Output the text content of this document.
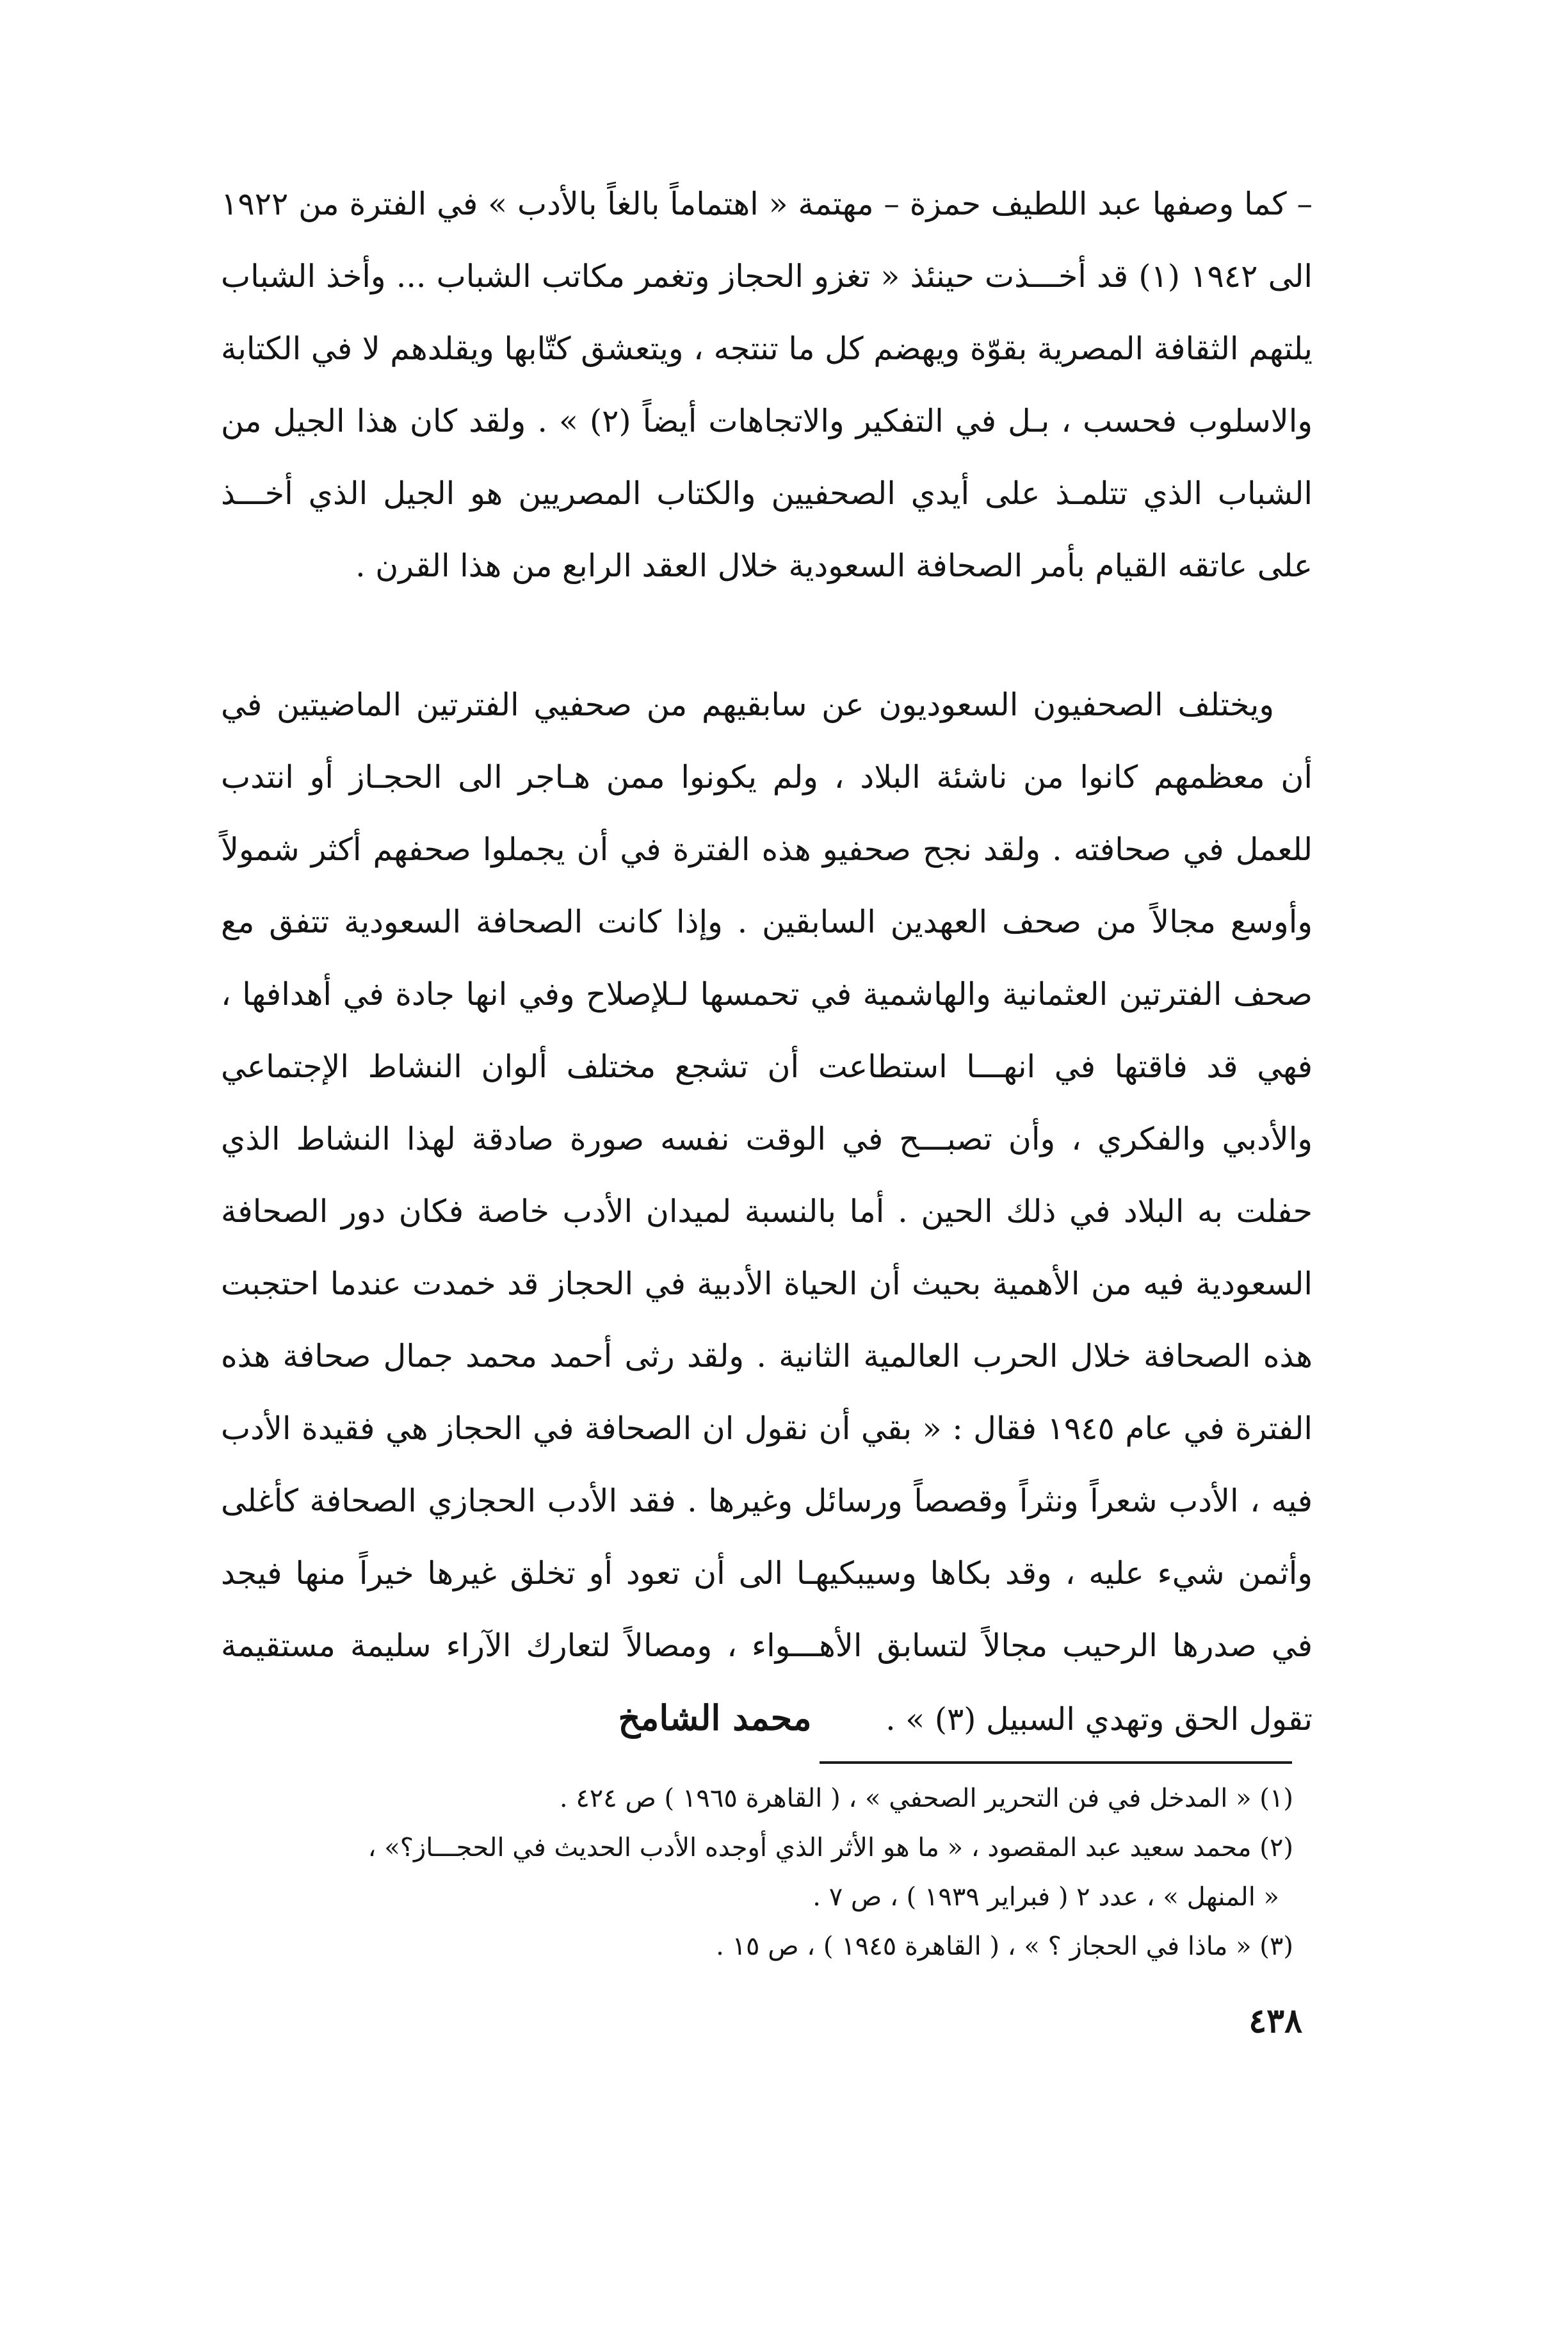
– كما وصفها عبد اللطيف حمزة – مهتمة « اهتماماً بالغاً بالأدب » في الفترة من ١٩٢٢ الى ١٩٤٢ (١) قد أخـــذت حينئذ « تغزو الحجاز وتغمر مكاتب الشباب ... وأخذ الشباب يلتهم الثقافة المصرية بقوّة ويهضم كل ما تنتجه ، ويتعشق كتّابها ويقلدهم لا في الكتابة والاسلوب فحسب ، بـل في التفكير والاتجاهات أيضاً (٢) » . ولقد كان هذا الجيل من الشباب الذي تتلمـذ على أيدي الصحفيين والكتاب المصريين هو الجيل الذي أخـــذ على عاتقه القيام بأمر الصحافة السعودية خلال العقد الرابع من هذا القرن .

ويختلف الصحفيون السعوديون عن سابقيهم من صحفيي الفترتين الماضيتين في أن معظمهم كانوا من ناشئة البلاد ، ولم يكونوا ممن هـاجر الى الحجـاز أو انتدب للعمل في صحافته . ولقد نجح صحفيو هذه الفترة في أن يجملوا صحفهم أكثر شمولاً وأوسع مجالاً من صحف العهدين السابقين . وإذا كانت الصحافة السعودية تتفق مع صحف الفترتين العثمانية والهاشمية في تحمسها لـلإصلاح وفي انها جادة في أهدافها ، فهي قد فاقتها في انهـــا استطاعت أن تشجع مختلف ألوان النشاط الإجتماعي والأدبي والفكري ، وأن تصبـــح في الوقت نفسه صورة صادقة لهذا النشاط الذي حفلت به البلاد في ذلك الحين . أما بالنسبة لميدان الأدب خاصة فكان دور الصحافة السعودية فيه من الأهمية بحيث أن الحياة الأدبية في الحجاز قد خمدت عندما احتجبت هذه الصحافة خلال الحرب العالمية الثانية . ولقد رثى أحمد محمد جمال صحافة هذه الفترة في عام ١٩٤٥ فقال : « بقي أن نقول ان الصحافة في الحجاز هي فقيدة الأدب فيه ، الأدب شعراً ونثراً وقصصاً ورسائل وغيرها . فقد الأدب الحجازي الصحافة كأغلى وأثمن شيء عليه ، وقد بكاها وسيبكيهـا الى أن تعود أو تخلق غيرها خيراً منها فيجد في صدرها الرحيب مجالاً لتسابق الأهـــواء ، ومصالاً لتعارك الآراء سليمة مستقيمة تقول الحق وتهدي السبيل (٣) » . محمد الشامخ

(١) « المدخل في فن التحرير الصحفي » ، ( القاهرة ١٩٦٥ ) ص ٤٢٤ .

(٢) محمد سعيد عبد المقصود ، « ما هو الأثر الذي أوجده الأدب الحديث في الحجـــاز؟» ،

« المنهل » ، عدد ٢ ( فبراير ١٩٣٩ ) ، ص ٧ .

(٣) « ماذا في الحجاز ؟ » ، ( القاهرة ١٩٤٥ ) ، ص ١٥ .

٤٣٨
